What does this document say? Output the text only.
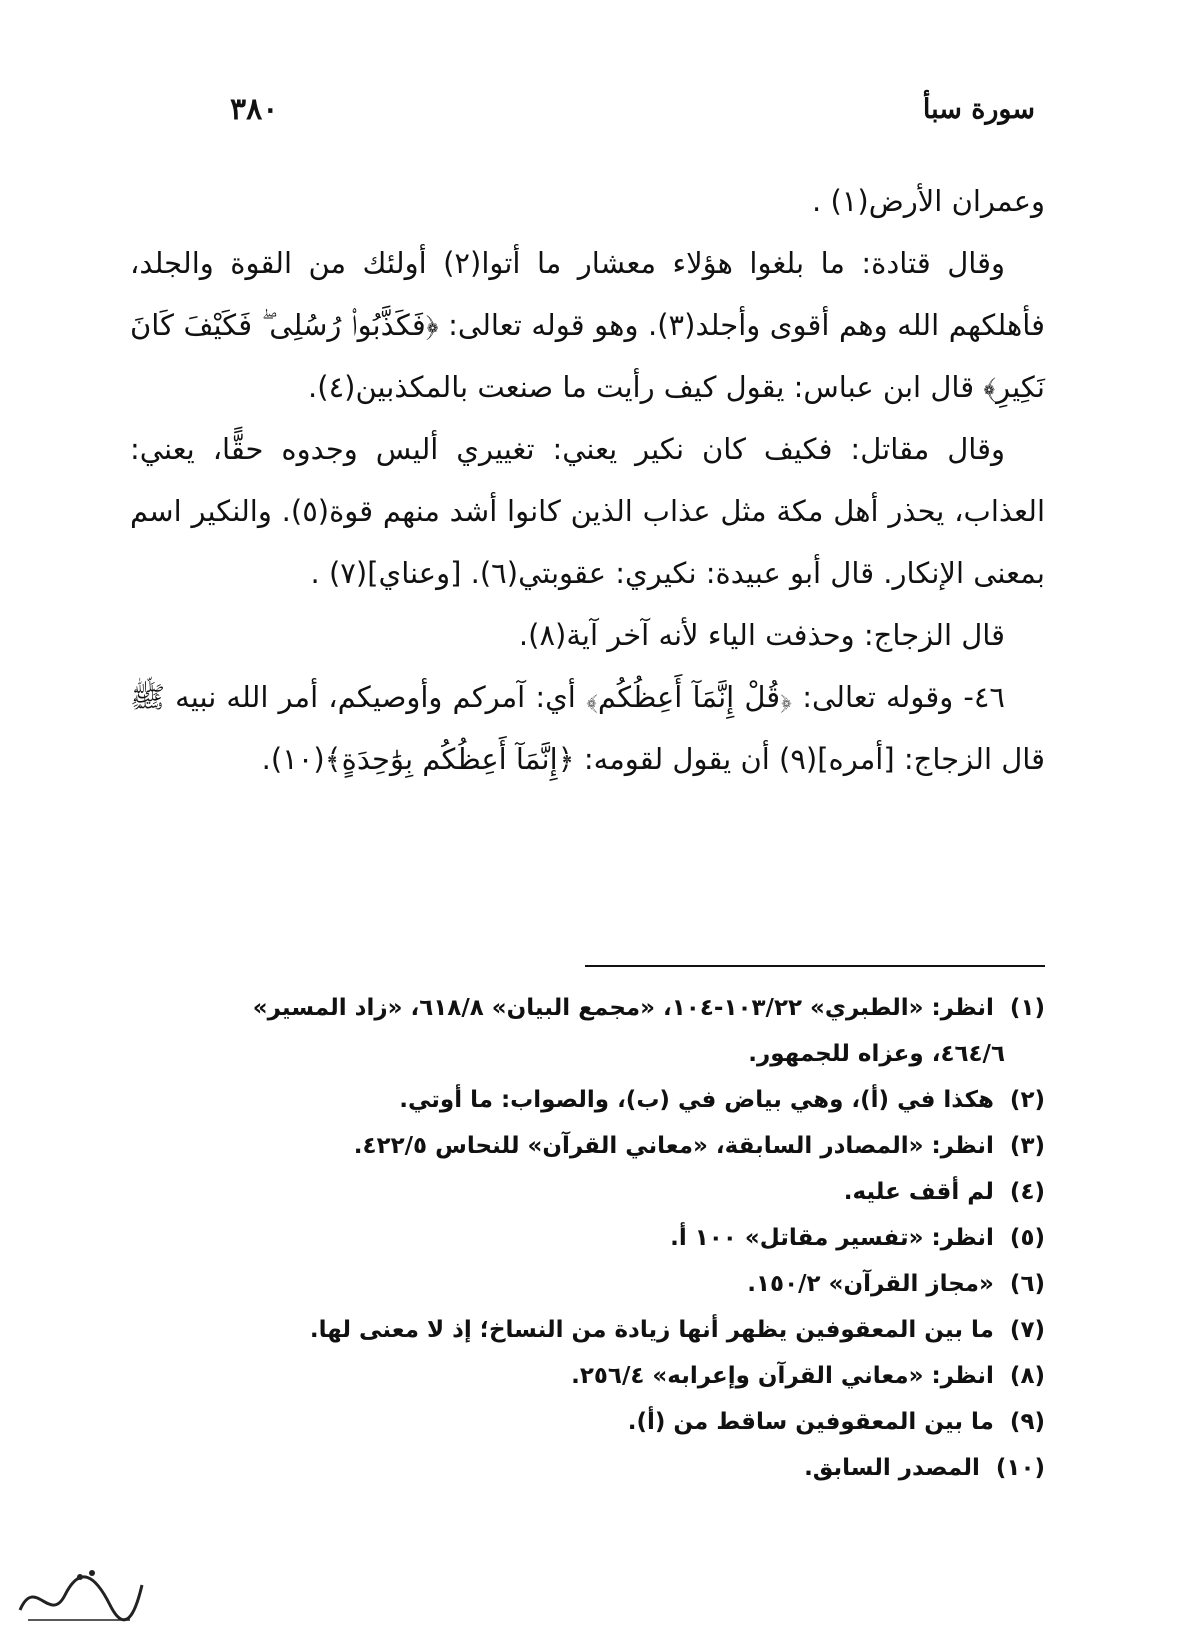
٣٨٠	سورة سبأ

وعمران الأرض(١) .

وقال قتادة: ما بلغوا هؤلاء معشار ما أتوا(٢) أولئك من القوة والجلد، فأهلكهم الله وهم أقوى وأجلد(٣). وهو قوله تعالى: ﴿فَكَذَّبُوا۟ رُسُلِى ۖ فَكَيْفَ كَانَ نَكِيرِ﴾ قال ابن عباس: يقول كيف رأيت ما صنعت بالمكذبين(٤).

وقال مقاتل: فكيف كان نكير يعني: تغييري أليس وجدوه حقًّا، يعني: العذاب، يحذر أهل مكة مثل عذاب الذين كانوا أشد منهم قوة(٥). والنكير اسم بمعنى الإنكار. قال أبو عبيدة: نكيري: عقوبتي(٦). [وعناي](٧) .

قال الزجاج: وحذفت الياء لأنه آخر آية(٨).

٤٦- وقوله تعالى: ﴿قُلْ إِنَّمَآ أَعِظُكُم﴾ أي: آمركم وأوصيكم، أمر الله نبيه ﷺ قال الزجاج: [أمره](٩) أن يقول لقومه: ﴿إِنَّمَآ أَعِظُكُم بِوَٰحِدَةٍ﴾(١٠).

(١) انظر: «الطبري» ١٠٣/٢٢-١٠٤، «مجمع البيان» ٦١٨/٨، «زاد المسير»
٤٦٤/٦، وعزاه للجمهور.

(٢) هكذا في (أ)، وهي بياض في (ب)، والصواب: ما أوتي.

(٣) انظر: «المصادر السابقة، «معاني القرآن» للنحاس ٤٢٢/٥.

(٤) لم أقف عليه.

(٥) انظر: «تفسير مقاتل» ١٠٠ أ.

(٦) «مجاز القرآن» ١٥٠/٢.

(٧) ما بين المعقوفين يظهر أنها زيادة من النساخ؛ إذ لا معنى لها.

(٨) انظر: «معاني القرآن وإعرابه» ٢٥٦/٤.

(٩) ما بين المعقوفين ساقط من (أ).

(١٠) المصدر السابق.
